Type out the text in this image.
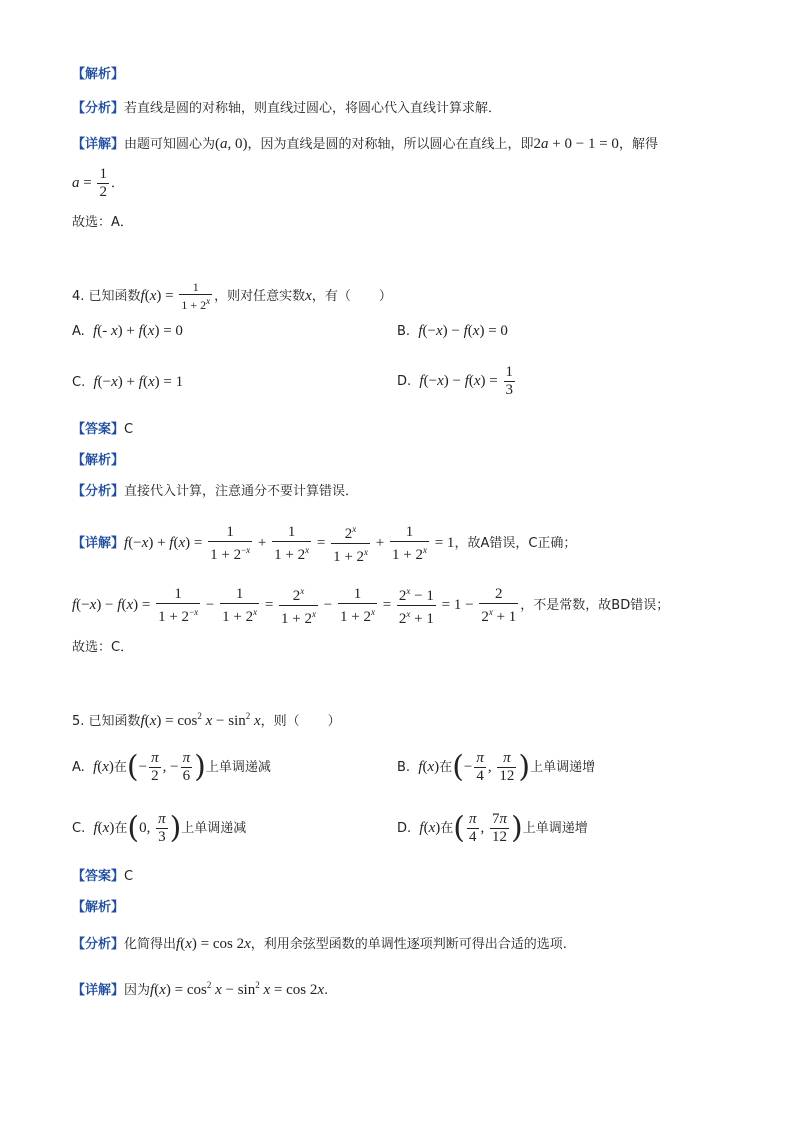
【解析】
【分析】若直线是圆的对称轴，则直线过圆心，将圆心代入直线计算求解．
【详解】由题可知圆心为(a, 0)，因为直线是圆的对称轴，所以圆心在直线上，即2a + 0 − 1 = 0，解得
$a = \frac{1}{2}$ ．
故选：A．
4. 已知函数$f(x) = \frac{1}{1 + 2^x}$ ，则对任意实数x，有（ ）
A. f(- x) + f(x) = 0	B. f(−x) − f(x) = 0
C. f(−x) + f(x) = 1	D. $f(-x) - f(x) = \frac{1}{3}$
【答案】C
【解析】
【分析】直接代入计算，注意通分不要计算错误．
【详解】$f(-x) + f(x) = \frac{1}{1 + 2^{-x}} + \frac{1}{1 + 2^x} = \frac{2^x}{1 + 2^x} + \frac{1}{1 + 2^x} = 1$，故A错误，C正确；
$f(-x) - f(x) = \frac{1}{1 + 2^{-x}} - \frac{1}{1 + 2^x} = \frac{2^x}{1 + 2^x} - \frac{1}{1 + 2^x} = \frac{2^x - 1}{2^x + 1} = 1 - \frac{2}{2^x + 1}$ ，不是常数，故BD错误；
故选：C．
5. 已知函数$f(x) = \cos^2 x - \sin^2 x$，则（ ）
A. f(x)在(− $\frac{\pi}{2}$ , − $\frac{\pi}{6}$ )上单调递减	B. f(x)在(− $\frac{\pi}{4}$ , $\frac{\pi}{12}$ )上单调递增
C. f(x)在(0, $\frac{\pi}{3}$ )上单调递减	D. f(x)在( $\frac{\pi}{4}$ , $\frac{7\pi}{12}$ )上单调递增
【答案】C
【解析】
【分析】化简得出f(x) = cos 2x，利用余弦型函数的单调性逐项判断可得出合适的选项.
【详解】因为$f(x) = \cos^2 x - \sin^2 x = \cos 2x$.
